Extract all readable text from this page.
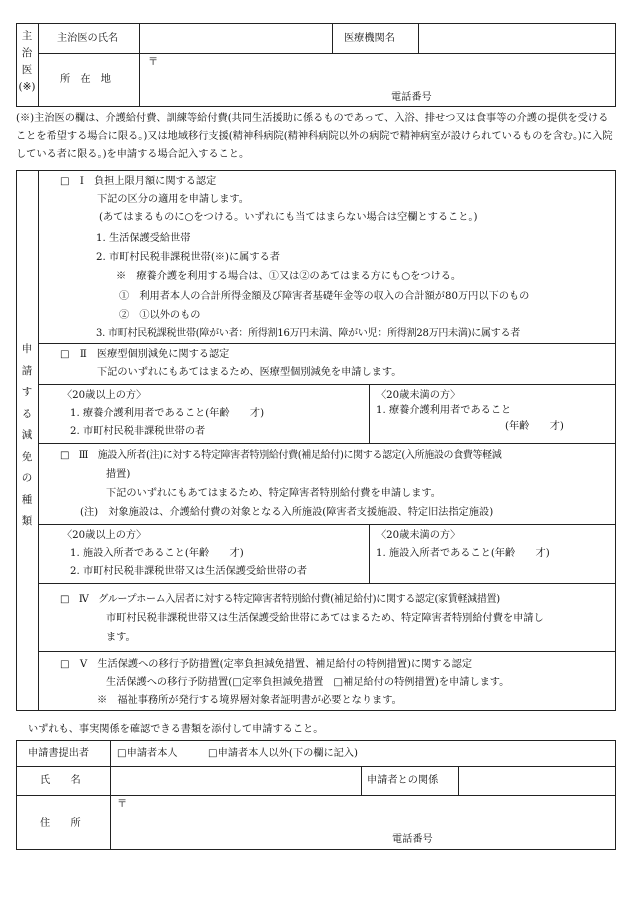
主
治
医
(※)
主治医の氏名	医療機関名
所　在　地
〒
電話番号
(※)主治医の欄は、介護給付費、訓練等給付費(共同生活援助に係るものであって、入浴、排せつ又は食事等の介護の提供を受けることを希望する場合に限る。)又は地域移行支援(精神科病院(精神科病院以外の病院で精神病室が設けられているものを含む。)に入院している者に限る。)を申請する場合記入すること。
申
請
す
る
減
免
の
種
類
□　Ⅰ　負担上限月額に関する認定
下記の区分の適用を申請します。
(あてはまるものに○をつける。いずれにも当てはまらない場合は空欄とすること。)
1. 生活保護受給世帯
2. 市町村民税非課税世帯(※)に属する者
※　療養介護を利用する場合は、①又は②のあてはまる方にも○をつける。
①　利用者本人の合計所得金額及び障害者基礎年金等の収入の合計額が80万円以下のもの
②　①以外のもの
3. 市町村民税課税世帯(障がい者：所得割16万円未満、障がい児：所得割28万円未満)に属する者
□　Ⅱ　医療型個別減免に関する認定
下記のいずれにもあてはまるため、医療型個別減免を申請します。
〈20歳以上の方〉
1. 療養介護利用者であること(年齢　　才)
2. 市町村民税非課税世帯の者
〈20歳未満の方〉
1. 療養介護利用者であること
(年齢　　才)
□　Ⅲ　施設入所者(注)に対する特定障害者特別給付費(補足給付)に関する認定(入所施設の食費等軽減
措置)
下記のいずれにもあてはまるため、特定障害者特別給付費を申請します。
(注)　対象施設は、介護給付費の対象となる入所施設(障害者支援施設、特定旧法指定施設)
〈20歳以上の方〉
1. 施設入所者であること(年齢　　才)
2. 市町村民税非課税世帯又は生活保護受給世帯の者
〈20歳未満の方〉
1. 施設入所者であること(年齢　　才)
□　Ⅳ　グループホーム入居者に対する特定障害者特別給付費(補足給付)に関する認定(家賃軽減措置)
市町村民税非課税世帯又は生活保護受給世帯にあてはまるため、特定障害者特別給付費を申請し
ます。
□　Ⅴ　生活保護への移行予防措置(定率負担減免措置、補足給付の特例措置)に関する認定
生活保護への移行予防措置(□定率負担減免措置　□補足給付の特例措置)を申請します。
※　福祉事務所が発行する境界層対象者証明書が必要となります。
いずれも、事実関係を確認できる書類を添付して申請すること。
申請書提出者	□申請者本人	□申請者本人以外(下の欄に記入)
氏　　名	申請者との関係
住　　所
〒
電話番号
